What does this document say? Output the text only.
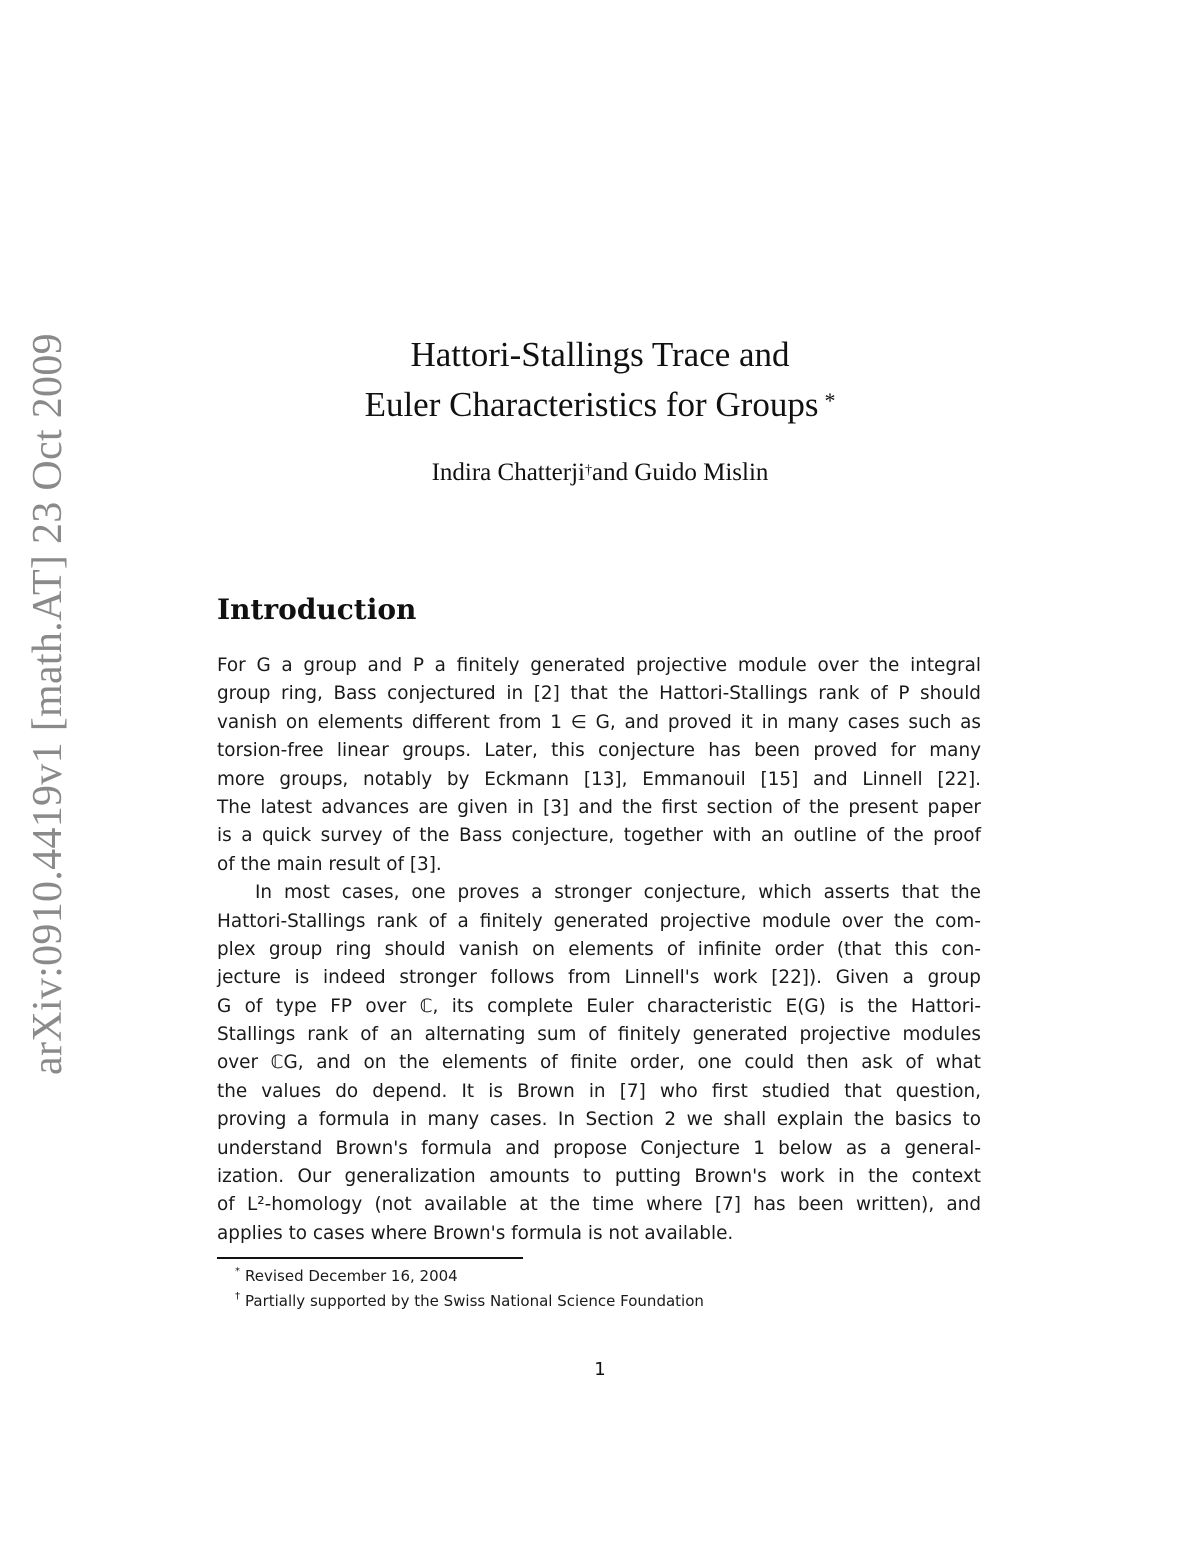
arXiv:0910.4419v1 [math.AT] 23 Oct 2009	Hattori-Stallings Trace and
Euler Characteristics for Groups *
Indira Chatterji†and Guido Mislin
Introduction
For G a group and P a finitely generated projective module over the integral
group ring, Bass conjectured in [2] that the Hattori-Stallings rank of P should
vanish on elements different from 1 ∈ G, and proved it in many cases such as
torsion-free linear groups. Later, this conjecture has been proved for many
more groups, notably by Eckmann [13], Emmanouil [15] and Linnell [22].
The latest advances are given in [3] and the first section of the present paper
is a quick survey of the Bass conjecture, together with an outline of the proof
of the main result of [3].
In most cases, one proves a stronger conjecture, which asserts that the
Hattori-Stallings rank of a finitely generated projective module over the com-
plex group ring should vanish on elements of infinite order (that this con-
jecture is indeed stronger follows from Linnell's work [22]). Given a group
G of type FP over ℂ, its complete Euler characteristic E(G) is the Hattori-
Stallings rank of an alternating sum of finitely generated projective modules
over ℂG, and on the elements of finite order, one could then ask of what
the values do depend. It is Brown in [7] who first studied that question,
proving a formula in many cases. In Section 2 we shall explain the basics to
understand Brown's formula and propose Conjecture 1 below as a general-
ization. Our generalization amounts to putting Brown's work in the context
of L²-homology (not available at the time where [7] has been written), and
applies to cases where Brown's formula is not available.
* Revised December 16, 2004
† Partially supported by the Swiss National Science Foundation
1
